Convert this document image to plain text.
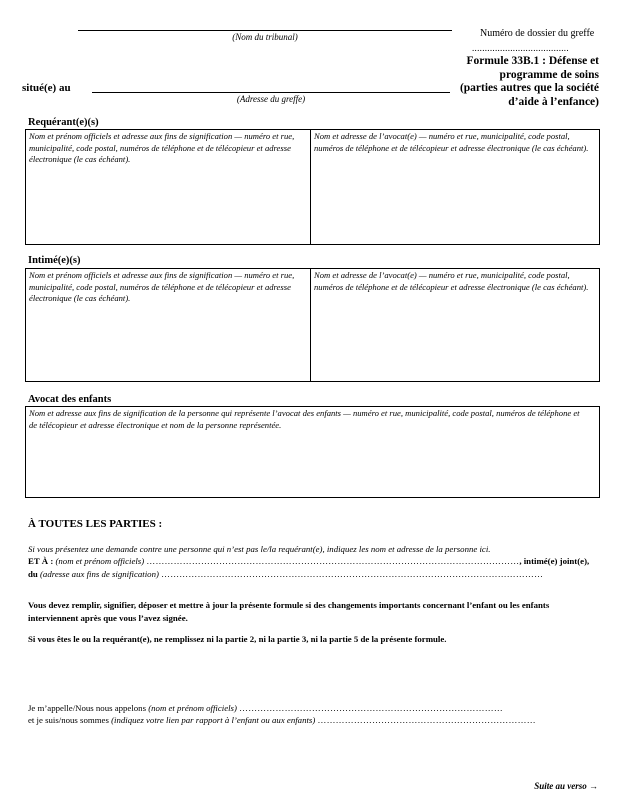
(Nom du tribunal)	Numéro de dossier du greffe
......................................
Formule 33B.1 : Défense et
programme de soins
(parties autres que la société
d’aide à l’enfance)
situé(e) au
(Adresse du greffe)
Requérant(e)(s)
Nom et prénom officiels et adresse aux fins de signification — numéro et rue, municipalité, code postal, numéros de téléphone et de télécopieur et adresse électronique (le cas échéant).
Nom et adresse de l’avocat(e) — numéro et rue, municipalité, code postal, numéros de téléphone et de télécopieur et adresse électronique (le cas échéant).
Intimé(e)(s)
Nom et prénom officiels et adresse aux fins de signification — numéro et rue, municipalité, code postal, numéros de téléphone et de télécopieur et adresse électronique (le cas échéant).
Nom et adresse de l’avocat(e) — numéro et rue, municipalité, code postal, numéros de téléphone et de télécopieur et adresse électronique (le cas échéant).
Avocat des enfants
Nom et adresse aux fins de signification de la personne qui représente l’avocat des enfants — numéro et rue, municipalité, code postal, numéros de téléphone et de télécopieur et adresse électronique et nom de la personne représentée.
À TOUTES LES PARTIES :
Si vous présentez une demande contre une personne qui n’est pas le/la requérant(e), indiquez les nom et adresse de la personne ici.
ET À : (nom et prénom officiels) ……………………………………………………………………………………………………………, intimé(e) joint(e),
du (adresse aux fins de signification) ………………………………………………………………………………………………………………
Vous devez remplir, signifier, déposer et mettre à jour la présente formule si des changements importants concernant l’enfant ou les enfants interviennent après que vous l’avez signée.
Si vous êtes le ou la requérant(e), ne remplissez ni la partie 2, ni la partie 3, ni la partie 5 de la présente formule.
Je m’appelle/Nous nous appelons (nom et prénom officiels) ……………………………………………………………………………
et je suis/nous sommes (indiquez votre lien par rapport à l’enfant ou aux enfants) ………………………………………………………………
Suite au verso →
